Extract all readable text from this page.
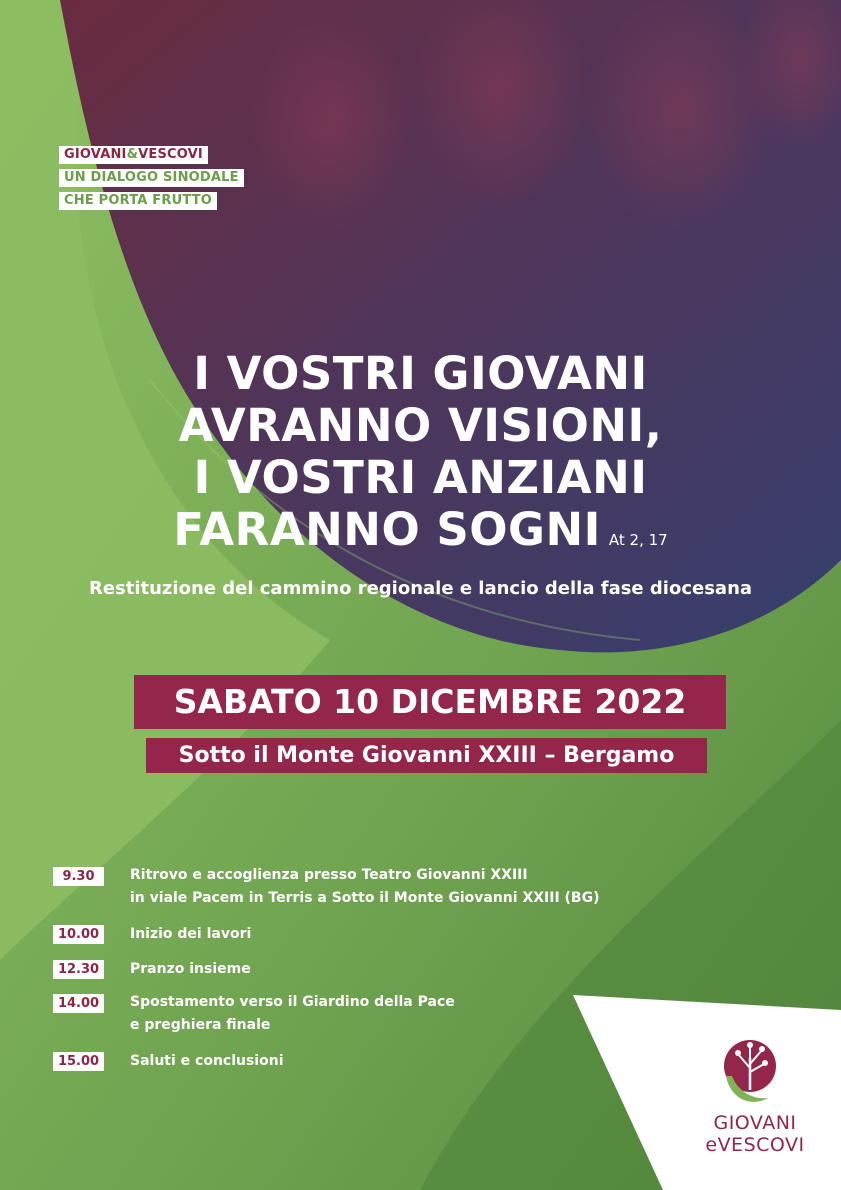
GIOVANI&VESCOVI
UN DIALOGO SINODALE
CHE PORTA FRUTTO
I VOSTRI GIOVANI
AVRANNO VISIONI,
I VOSTRI ANZIANI
FARANNO SOGNI At 2, 17
Restituzione del cammino regionale e lancio della fase diocesana
SABATO 10 DICEMBRE 2022
Sotto il Monte Giovanni XXIII – Bergamo
9.30	Ritrovo e accoglienza presso Teatro Giovanni XXIII
in viale Pacem in Terris a Sotto il Monte Giovanni XXIII (BG)
10.00	Inizio dei lavori
12.30	Pranzo insieme
14.00	Spostamento verso il Giardino della Pace
e preghiera finale
15.00	Saluti e conclusioni
GIOVANI
eVESCOVI
